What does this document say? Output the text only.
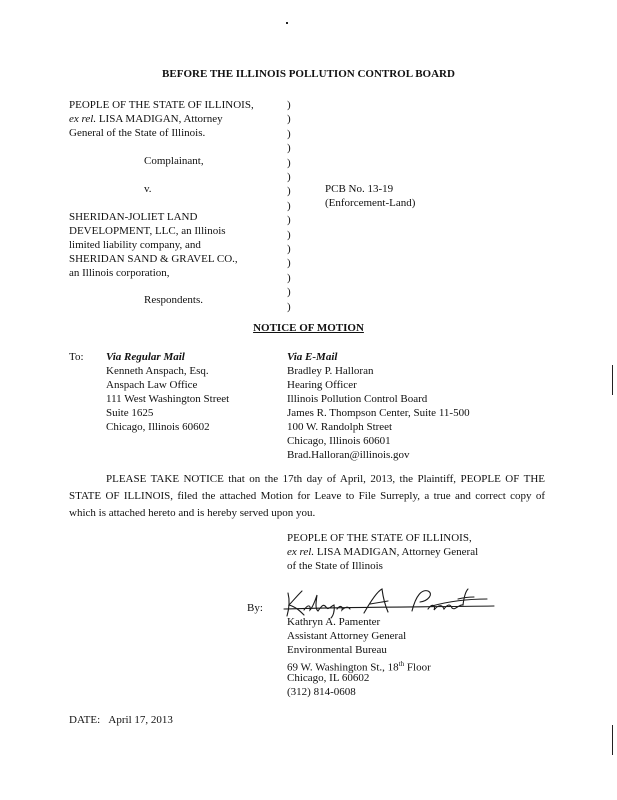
BEFORE THE ILLINOIS POLLUTION CONTROL BOARD
PEOPLE OF THE STATE OF ILLINOIS,
ex rel. LISA MADIGAN, Attorney
General of the State of Illinois.
Complainant,
v.
)
)
)
)
)
)
)
)
)
)
)
)
)
)
)
PCB No. 13-19
(Enforcement-Land)
SHERIDAN-JOLIET LAND
DEVELOPMENT, LLC, an Illinois
limited liability company, and
SHERIDAN SAND & GRAVEL CO.,
an Illinois corporation,
Respondents.
NOTICE OF MOTION
To: Via Regular Mail
Kenneth Anspach, Esq.
Anspach Law Office
111 West Washington Street
Suite 1625
Chicago, Illinois 60602
Via E-Mail
Bradley P. Halloran
Hearing Officer
Illinois Pollution Control Board
James R. Thompson Center, Suite 11-500
100 W. Randolph Street
Chicago, Illinois 60601
Brad.Halloran@illinois.gov
PLEASE TAKE NOTICE that on the 17th day of April, 2013, the Plaintiff, PEOPLE OF THE STATE OF ILLINOIS, filed the attached Motion for Leave to File Surreply, a true and correct copy of which is attached hereto and is hereby served upon you.
PEOPLE OF THE STATE OF ILLINOIS,
ex rel. LISA MADIGAN, Attorney General
of the State of Illinois
By:
Kathryn A. Pamenter
Assistant Attorney General
Environmental Bureau
69 W. Washington St., 18th Floor
Chicago, IL 60602
(312) 814-0608
DATE: April 17, 2013
